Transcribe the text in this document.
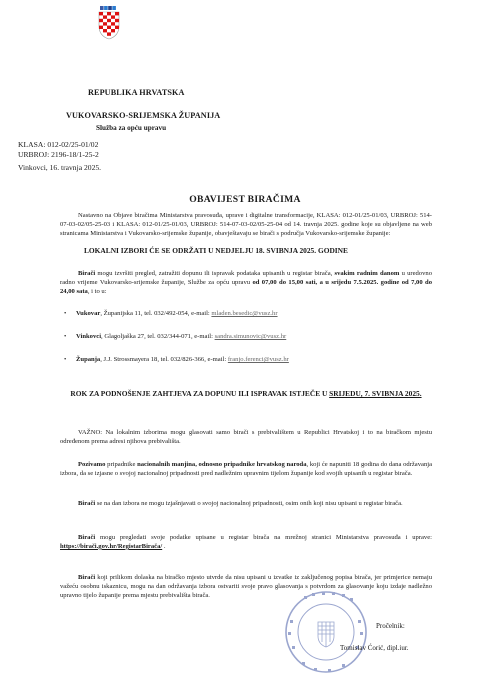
REPUBLIKA HRVATSKA
VUKOVARSKO-SRIJEMSKA ŽUPANIJA
Služba za opću upravu
KLASA: 012-02/25-01/02
URBROJ: 2196-18/1-25-2
Vinkovci, 16. travnja 2025.
OBAVIJEST BIRAČIMA
Nastavno na Objave biračima Ministarstva pravosuđa, uprave i digitalne transformacije, KLASA: 012-01/25-01/03, URBROJ: 514-07-03-02/05-25-03 i KLASA: 012-01/25-01/03, URBROJ: 514-07-03-02/05-25-04 od 14. travnja 2025. godine koje su objavljene na web stranicama Ministarstva i Vukovarsko-srijemske županije, obavještavaju se birači s područja Vukovarsko-srijemske županije:
LOKALNI IZBORI ĆE SE ODRŽATI U NEDJELJU 18. SVIBNJA 2025. GODINE
Birači mogu izvršiti pregled, zatražiti dopunu ili ispravak podataka upisanih u registar birača, svakim radnim danom u uredovno radno vrijeme Vukovarsko-srijemske županije, Službe za opću upravu od 07,00 do 15,00 sati, a u srijedu 7.5.2025. godine od 7,00 do 24,00 sata, i to u:
• Vukovar, Županijska 11, tel. 032/492-054, e-mail: mladen.besedic@vusz.hr
• Vinkovci, Glagoljaška 27, tel. 032/344-071, e-mail: sandra.simunovic@vusz.hr
• Županja, J.J. Strossmayera 18, tel. 032/826-366, e-mail: franjo.ferenci@vusz.hr
ROK ZA PODNOŠENJE ZAHTJEVA ZA DOPUNU ILI ISPRAVAK ISTJEČE U SRIJEDU, 7. SVIBNJA 2025.
VAŽNO: Na lokalnim izborima mogu glasovati samo birači s prebivalištem u Republici Hrvatskoj i to na biračkom mjestu određenom prema adresi njihova prebivališta.
Pozivamo pripadnike nacionalnih manjina, odnosno pripadnike hrvatskog naroda, koji će napuniti 18 godina do dana održavanja izbora, da se izjasne o svojoj nacionalnoj pripadnosti pred nadležnim upravnim tijelom županije kod svojih upisanih u registar birača.
Birači se na dan izbora ne mogu izjašnjavati o svojoj nacionalnoj pripadnosti, osim onih koji nisu upisani u registar birača.
Birači mogu pregledati svoje podatke upisane u registar birača na mrežnoj stranici Ministarstva pravosuđa i uprave: https://birači.gov.hr/RegistarBirača/ .
Birači koji prilikom dolaska na biračko mjesto utvrde da nisu upisani u izvatke iz zaključenog popisa birača, jer primjerice nemaju važeću osobnu iskaznicu, mogu na dan održavanja izbora ostvariti svoje pravo glasovanja s potvrdom za glasovanje koju izdaje nadležno upravno tijelo županije prema mjestu prebivališta birača.
Pročelnik:
Tomislav Ćorić, dipl.iur.
